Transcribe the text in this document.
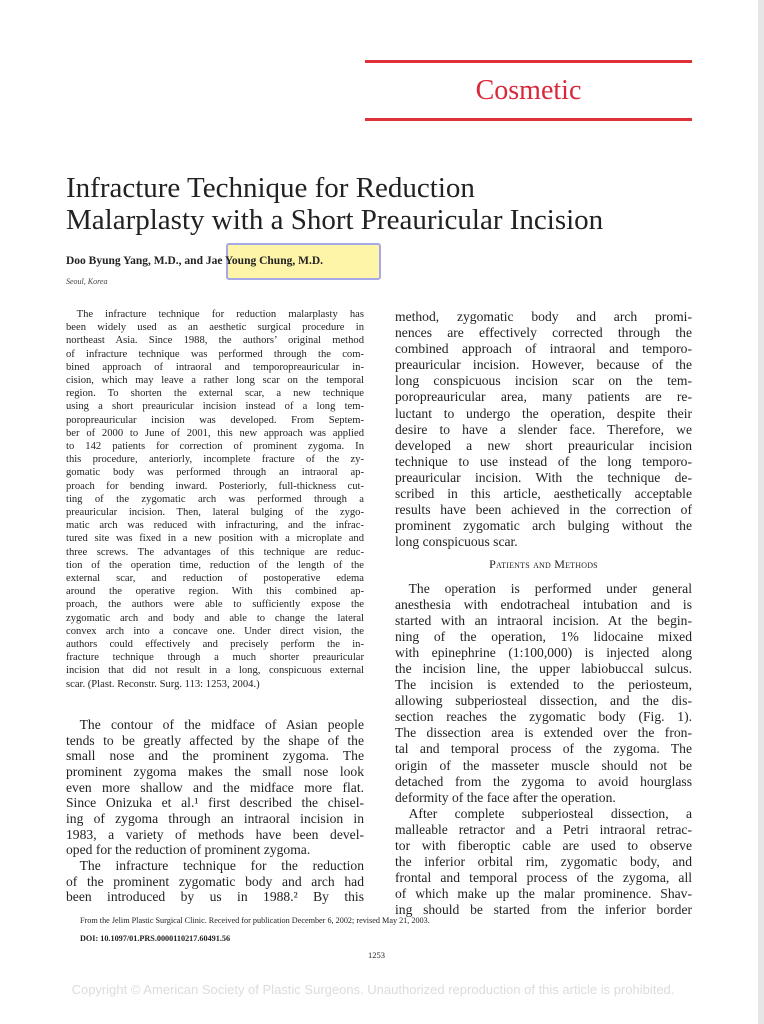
Cosmetic
Infracture Technique for Reduction
Malarplasty with a Short Preauricular Incision
Doo Byung Yang, M.D., and Jae Young Chung, M.D.
Seoul, Korea
The infracture technique for reduction malarplasty has
been widely used as an aesthetic surgical procedure in
northeast Asia. Since 1988, the authors’ original method
of infracture technique was performed through the com-
bined approach of intraoral and temporopreauricular in-
cision, which may leave a rather long scar on the temporal
region. To shorten the external scar, a new technique
using a short preauricular incision instead of a long tem-
poropreauricular incision was developed. From Septem-
ber of 2000 to June of 2001, this new approach was applied
to 142 patients for correction of prominent zygoma. In
this procedure, anteriorly, incomplete fracture of the zy-
gomatic body was performed through an intraoral ap-
proach for bending inward. Posteriorly, full-thickness cut-
ting of the zygomatic arch was performed through a
preauricular incision. Then, lateral bulging of the zygo-
matic arch was reduced with infracturing, and the infrac-
tured site was fixed in a new position with a microplate and
three screws. The advantages of this technique are reduc-
tion of the operation time, reduction of the length of the
external scar, and reduction of postoperative edema
around the operative region. With this combined ap-
proach, the authors were able to sufficiently expose the
zygomatic arch and body and able to change the lateral
convex arch into a concave one. Under direct vision, the
authors could effectively and precisely perform the in-
fracture technique through a much shorter preauricular
incision that did not result in a long, conspicuous external
scar. (Plast. Reconstr. Surg. 113: 1253, 2004.)
The contour of the midface of Asian people
tends to be greatly affected by the shape of the
small nose and the prominent zygoma. The
prominent zygoma makes the small nose look
even more shallow and the midface more flat.
Since Onizuka et al.¹ first described the chisel-
ing of zygoma through an intraoral incision in
1983, a variety of methods have been devel-
oped for the reduction of prominent zygoma.
The infracture technique for the reduction
of the prominent zygomatic body and arch had
been introduced by us in 1988.² By this
method, zygomatic body and arch promi-
nences are effectively corrected through the
combined approach of intraoral and temporo-
preauricular incision. However, because of the
long conspicuous incision scar on the tem-
poropreauricular area, many patients are re-
luctant to undergo the operation, despite their
desire to have a slender face. Therefore, we
developed a new short preauricular incision
technique to use instead of the long temporo-
preauricular incision. With the technique de-
scribed in this article, aesthetically acceptable
results have been achieved in the correction of
prominent zygomatic arch bulging without the
long conspicuous scar.
Patients and Methods
The operation is performed under general
anesthesia with endotracheal intubation and is
started with an intraoral incision. At the begin-
ning of the operation, 1% lidocaine mixed
with epinephrine (1:100,000) is injected along
the incision line, the upper labiobuccal sulcus.
The incision is extended to the periosteum,
allowing subperiosteal dissection, and the dis-
section reaches the zygomatic body (Fig. 1).
The dissection area is extended over the fron-
tal and temporal process of the zygoma. The
origin of the masseter muscle should not be
detached from the zygoma to avoid hourglass
deformity of the face after the operation.
After complete subperiosteal dissection, a
malleable retractor and a Petri intraoral retrac-
tor with fiberoptic cable are used to observe
the inferior orbital rim, zygomatic body, and
frontal and temporal process of the zygoma, all
of which make up the malar prominence. Shav-
ing should be started from the inferior border
From the Jelim Plastic Surgical Clinic. Received for publication December 6, 2002; revised May 21, 2003.
DOI: 10.1097/01.PRS.0000110217.60491.56
1253
Copyright © American Society of Plastic Surgeons. Unauthorized reproduction of this article is prohibited.
